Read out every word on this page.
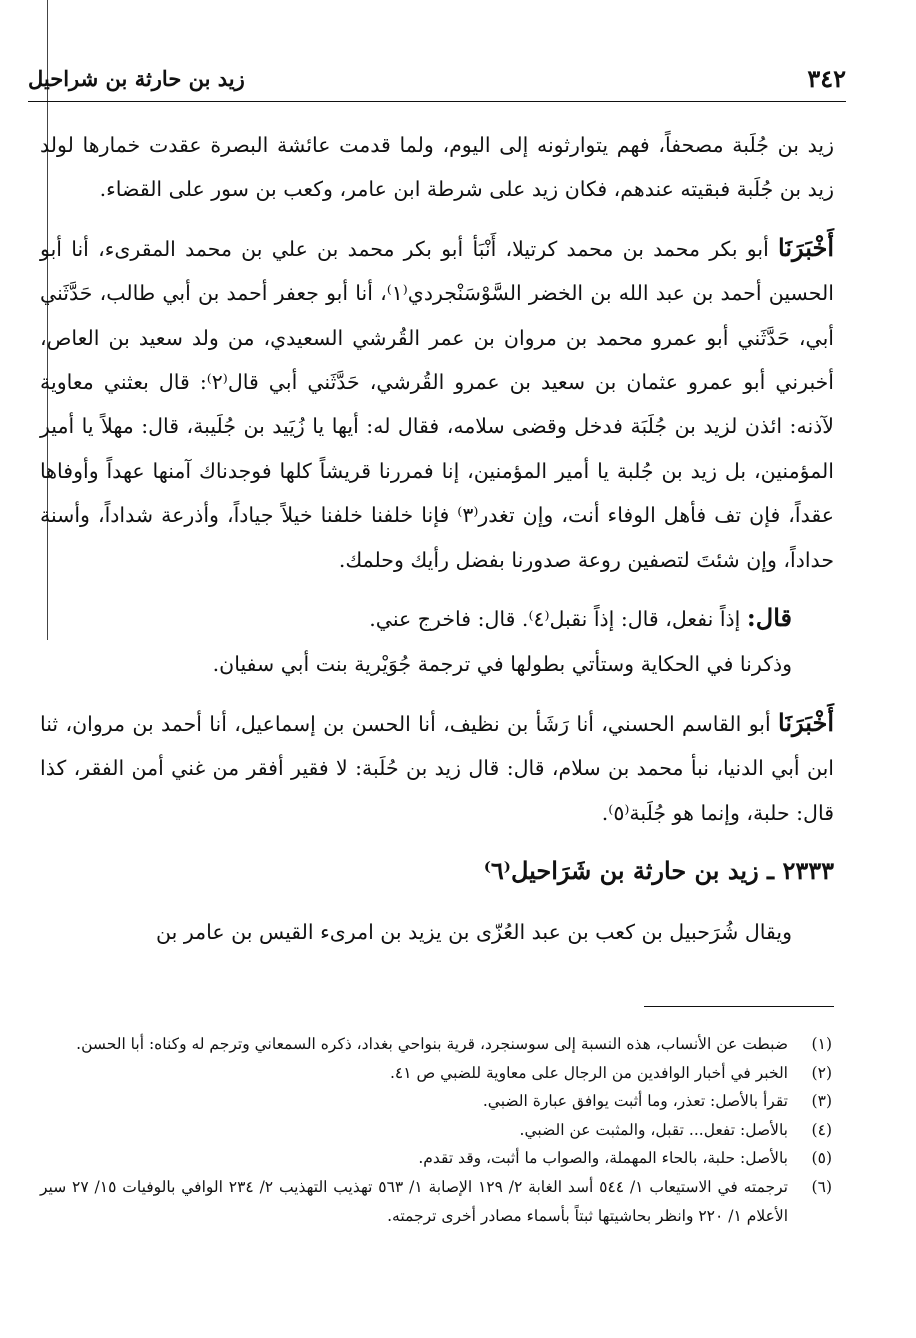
٣٤٢
زيد بن حارثة بن شراحيل

زيد بن جُلَبة مصحفاً، فهم يتوارثونه إلى اليوم، ولما قدمت عائشة البصرة عقدت خمارها لولد زيد بن جُلَبة فبقيته عندهم، فكان زيد على شرطة ابن عامر، وكعب بن سور على القضاء.

أَخْبَرَنَا أبو بكر محمد بن محمد كرتيلا، أَنْبَأ أبو بكر محمد بن علي بن محمد المقرىء، أنا أبو الحسين أحمد بن عبد الله بن الخضر السَّوْسَنْجردي⁽١⁾، أنا أبو جعفر أحمد بن أبي طالب، حَدَّثَني أبي، حَدَّثَني أبو عمرو محمد بن مروان بن عمر القُرشي السعيدي، من ولد سعيد بن العاص، أخبرني أبو عمرو عثمان بن سعيد بن عمرو القُرشي، حَدَّثَني أبي قال⁽٢⁾: قال بعثني معاوية لآذنه: ائذن لزيد بن جُلَبَة فدخل وقضى سلامه، فقال له: أيها يا زُيَيد بن جُلَيبة، قال: مهلاً يا أمير المؤمنين، بل زيد بن جُلبة يا أمير المؤمنين، إنا فمررنا قريشاً كلها فوجدناك آمنها عهداً وأوفاها عقداً، فإن تف فأهل الوفاء أنت، وإن تغدر⁽٣⁾ فإنا خلفنا خلفنا خيلاً جياداً، وأذرعة شداداً، وأسنة حداداً، وإن شئتَ لتصفين روعة صدورنا بفضل رأيك وحلمك.

قال: إذاً نفعل، قال: إذاً نقبل⁽٤⁾. قال: فاخرج عني.

وذكرنا في الحكاية وستأتي بطولها في ترجمة جُوَيْرية بنت أبي سفيان.

أَخْبَرَنَا أبو القاسم الحسني، أنا رَشَأ بن نظيف، أنا الحسن بن إسماعيل، أنا أحمد بن مروان، ثنا ابن أبي الدنيا، نبأ محمد بن سلام، قال: قال زيد بن حُلَبة: لا فقير أفقر من غني أمن الفقر، كذا قال: حلبة، وإنما هو جُلَبة⁽٥⁾.

٢٣٣٣ ـ زيد بن حارثة بن شَرَاحيل⁽٦⁾

ويقال شُرَحبيل بن كعب بن عبد العُزّى بن يزيد بن امرىء القيس بن عامر بن

(١)
ضبطت عن الأنساب، هذه النسبة إلى سوسنجرد، قرية بنواحي بغداد، ذكره السمعاني وترجم له وكناه: أبا الحسن.
(٢)
الخبر في أخبار الوافدين من الرجال على معاوية للضبي ص ٤١.
(٣)
تقرأ بالأصل: تعذر، وما أثبت يوافق عبارة الضبي.
(٤)
بالأصل: تفعل... تقبل، والمثبت عن الضبي.
(٥)
بالأصل: حلبة، بالحاء المهملة، والصواب ما أثبت، وقد تقدم.
(٦)
ترجمته في الاستيعاب ١/ ٥٤٤ أسد الغابة ٢/ ١٢٩ الإصابة ١/ ٥٦٣ تهذيب التهذيب ٢/ ٢٣٤ الوافي بالوفيات ١٥/ ٢٧ سير الأعلام ١/ ٢٢٠ وانظر بحاشيتها ثبتاً بأسماء مصادر أخرى ترجمته.
